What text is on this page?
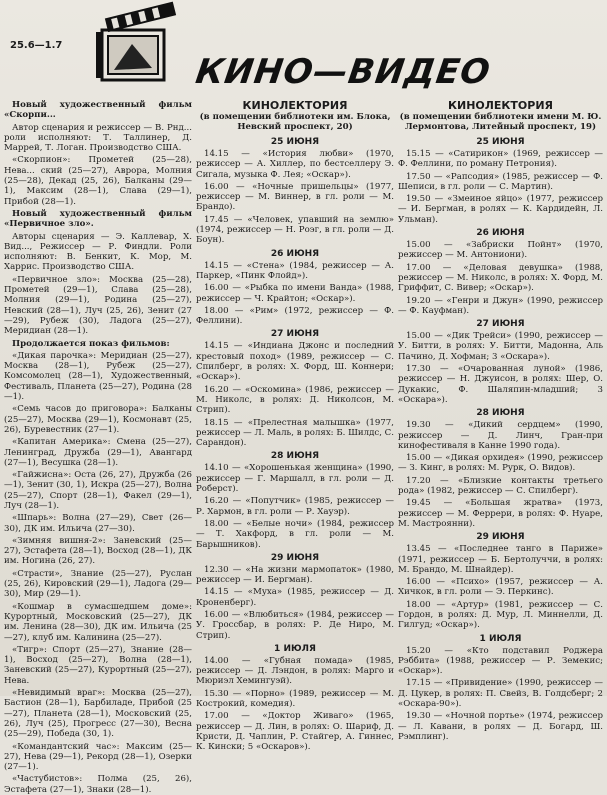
25.6—1.7
КИНО—ВИДЕО

Новый художественный фильм «Скорпи...

Автор сценария и режиссер — В. Рнд... роли исполняют: Т. Таллинер, Д. Маррей, Т. Логан. Производство США.

«Скорпион»: Прометей (25—28), Нева... ский (25—27), Аврора, Молния (25—28), Декад (25, 26), Балканы (29—1), Максим (28—1), Слава (29—1), Прибой (28—1).

Новый художественный фильм «Первичное зло».

Авторы сценария — Э. Каллевар, X. Вид..., Режиссер — Р. Финдли. Роли исполняют: В. Бенкит, К. Мор, М. Харрис. Производство США.

«Первичное зло»: Москва (25—28), Прометей (29—1), Слава (25—28), Молния (29—1), Родина (25—27), Невский (28—1), Луч (25, 26), Зенит (27—29), Рубеж (30), Ладога (25—27), Меридиан (28—1).

Продолжается показ фильмов:

«Дикая парочка»: Меридиан (25—27), Москва (28—1), Рубеж (25—27), Комсомолец (28—1), Художественный, Фестиваль, Планета (25—27), Родина (28—1).

«Семь часов до приговора»: Балканы (25—27), Москва (29—1), Космонавт (25, 26), Буревестник (27—1).

«Капитан Америка»: Смена (25—27), Ленинград, Дружба (29—1), Авангард (27—1), Весушка (28—1).

«Гайжисна»: Оста (26, 27), Дружба (26—1), Зенит (30, 1), Искра (25—27), Волна (25—27), Спорт (28—1), Факел (29—1), Луч (28—1).

«Шпарь»: Волна (27—29), Свет (26—30), ДК им. Ильича (27—30).

«Зимняя вишня-2»: Заневский (25—27), Эстафета (28—1), Восход (28—1), ДК им. Ногина (26, 27).

«Страсти», Знание (25—27), Руслан (25, 26), Кировский (29—1), Ладога (29—30), Мир (29—1).

«Кошмар в сумасшедшем доме»: Курортный, Московский (25—27), ДК им. Ленина (28—30), ДК им. Ильича (25—27), клуб им. Калинина (25—27).

«Тигр»: Спорт (25—27), Знание (28—1), Восход (25—27), Волна (28—1), Заневский (25—27), Курортный (25—27), Нева.

«Невидимый враг»: Москва (25—27), Бастион (28—1), Барбиладе, Прибой (25—27), Планета (28—1), Московский (25, 26), Луч (25), Прогресс (27—30), Весна (25—29), Победа (30, 1).

«Командантский час»: Максим (25—27), Нева (29—1), Рекорд (28—1), Озерки (27—1).

«Частубистов»: Полма (25, 26), Эстафета (27—1), Знаки (28—1).

КИНОЛЕКТОРИЯ
(в помещении библиотеки им. Блока, Невский проспект, 20)
25 ИЮНЯ

14.15 — «История любви» (1970, режиссер — А. Хиллер, по бестселлеру Э. Сигала, музыка Ф. Лея; «Оскар»).

16.00 — «Ночные пришельцы» (1977, режиссер — М. Виннер, в гл. роли — М. Брандо).

17.45 — «Человек, упавший на землю» (1974, режиссер — Н. Роэг, в гл. роли — Д. Боун).

26 ИЮНЯ

14.15 — «Стена» (1984, режиссер — А. Паркер, «Пинк Флойд»).

16.00 — «Рыбка по имени Ванда» (1988, режиссер — Ч. Крайтон; «Оскар»).

18.00 — «Рим» (1972, режиссер — Ф. Феллини).

27 ИЮНЯ

14.15 — «Индиана Джонс и последний крестовый поход» (1989, режиссер — С. Спилберг, в ролях: X. Форд, Ш. Коннери; «Оскар»).

16.20 — «Оскомина» (1986, режиссер — М. Николс, в ролях: Д. Николсон, М. Стрип).

18.15 — «Прелестная малышка» (1977, режиссер — Л. Маль, в ролях: Б. Шилдс, С. Сарандон).

28 ИЮНЯ

14.10 — «Хорошенькая женщина» (1990, режиссер — Г. Маршалл, в гл. роли — Д. Роберст).

16.20 — «Попутчик» (1985, режиссер — Р. Хармон, в гл. роли — Р. Хауэр).

18.00 — «Белые ночи» (1984, режиссер — Т. Хакфорд, в гл. роли — М. Барышников).

29 ИЮНЯ

12.30 — «На жизни мармопаток» (1980, режиссер — И. Бергман).

14.15 — «Муха» (1985, режиссер — Д. Кроненберг).

16.00 — «Влюбиться» (1984, режиссер — У. Гроссбар, в ролях: Р. Де Ниро, М. Стрип).

1 ИЮЛЯ

14.00 — «Губная помада» (1985, режиссер — Д. Лэндон, в ролях: Марго и Мюриэл Хемингуэй).

15.30 — «Порно» (1989, режиссер — М. Кострокий, комедия).

17.00 — «Доктор Живаго» (1965, режиссер — Д. Лин, в ролях: О. Шариф, Д. Кристи, Д. Чаплин, Р. Стайгер, А. Гиннес, К. Кински; 5 «Оскаров»).

КИНОЛЕКТОРИЯ
(в помещении библиотеки имени М. Ю. Лермонтова, Литейный проспект, 19)
25 ИЮНЯ

15.15 — «Сатирикон» (1969, режиссер — Ф. Феллини, по роману Петрония).

17.50 — «Рапсодия» (1985, режиссер — Ф. Шеписи, в гл. роли — С. Мартин).

19.50 — «Змеиное яйцо» (1977, режиссер — И. Бергман, в ролях — К. Кардидейн, Л. Ульман).

26 ИЮНЯ

15.00 — «Забриски Пойнт» (1970, режиссер — М. Антониони).

17.00 — «Деловая девушка» (1988, режиссер — М. Николс, в ролях: X. Форд, М. Гриффит, С. Вивер; «Оскар»).

19.20 — «Генри и Джун» (1990, режиссер — Ф. Кауфман).

27 ИЮНЯ

15.00 — «Дик Трейси» (1990, режиссер — У. Битти, в ролях: У. Битти, Мадонна, Аль Пачино, Д. Хофман; 3 «Оскара»).

17.30 — «Очарованная луной» (1986, режиссер — Н. Джуисон, в ролях: Шер, О. Дукакис, Ф. Шаляпин-младший; 3 «Оскара»).

28 ИЮНЯ

19.30 — «Дикий сердцем» (1990, режиссер — Д. Линч, Гран-при кинофестиваля в Канне 1990 года).

15.00 — «Дикая орхидея» (1990, режиссер — З. Кинг, в ролях: М. Рурк, О. Видов).

17.20 — «Близкие контакты третьего рода» (1982, режиссер — С. Спилберг).

19.45 — «Большая жратва» (1973, режиссер — М. Феррери, в ролях: Ф. Нуаре, М. Мастроянни).

29 ИЮНЯ

13.45 — «Последнее танго в Париже» (1971, режиссер — Б. Бертолуччи, в ролях: М. Брандо, М. Шнайдер).

16.00 — «Психо» (1957, режиссер — А. Хичкок, в гл. роли — Э. Перкинс).

18.00 — «Артур» (1981, режиссер — С. Гордон, в ролях: Д. Мур, Л. Миннелли, Д. Гилгуд; «Оскар»).

1 ИЮЛЯ

15.20 — «Кто подставил Роджера Рэббита» (1988, режиссер — Р. Земекис; «Оскар»).

17.15 — «Привидение» (1990, режиссер — Д. Цукер, в ролях: П. Свейз, В. Голдсберг; 2 «Оскара-90»).

19.30 — «Ночной портье» (1974, режиссер — Л. Кавани, в ролях — Д. Богард, Ш. Рэмплинг).
